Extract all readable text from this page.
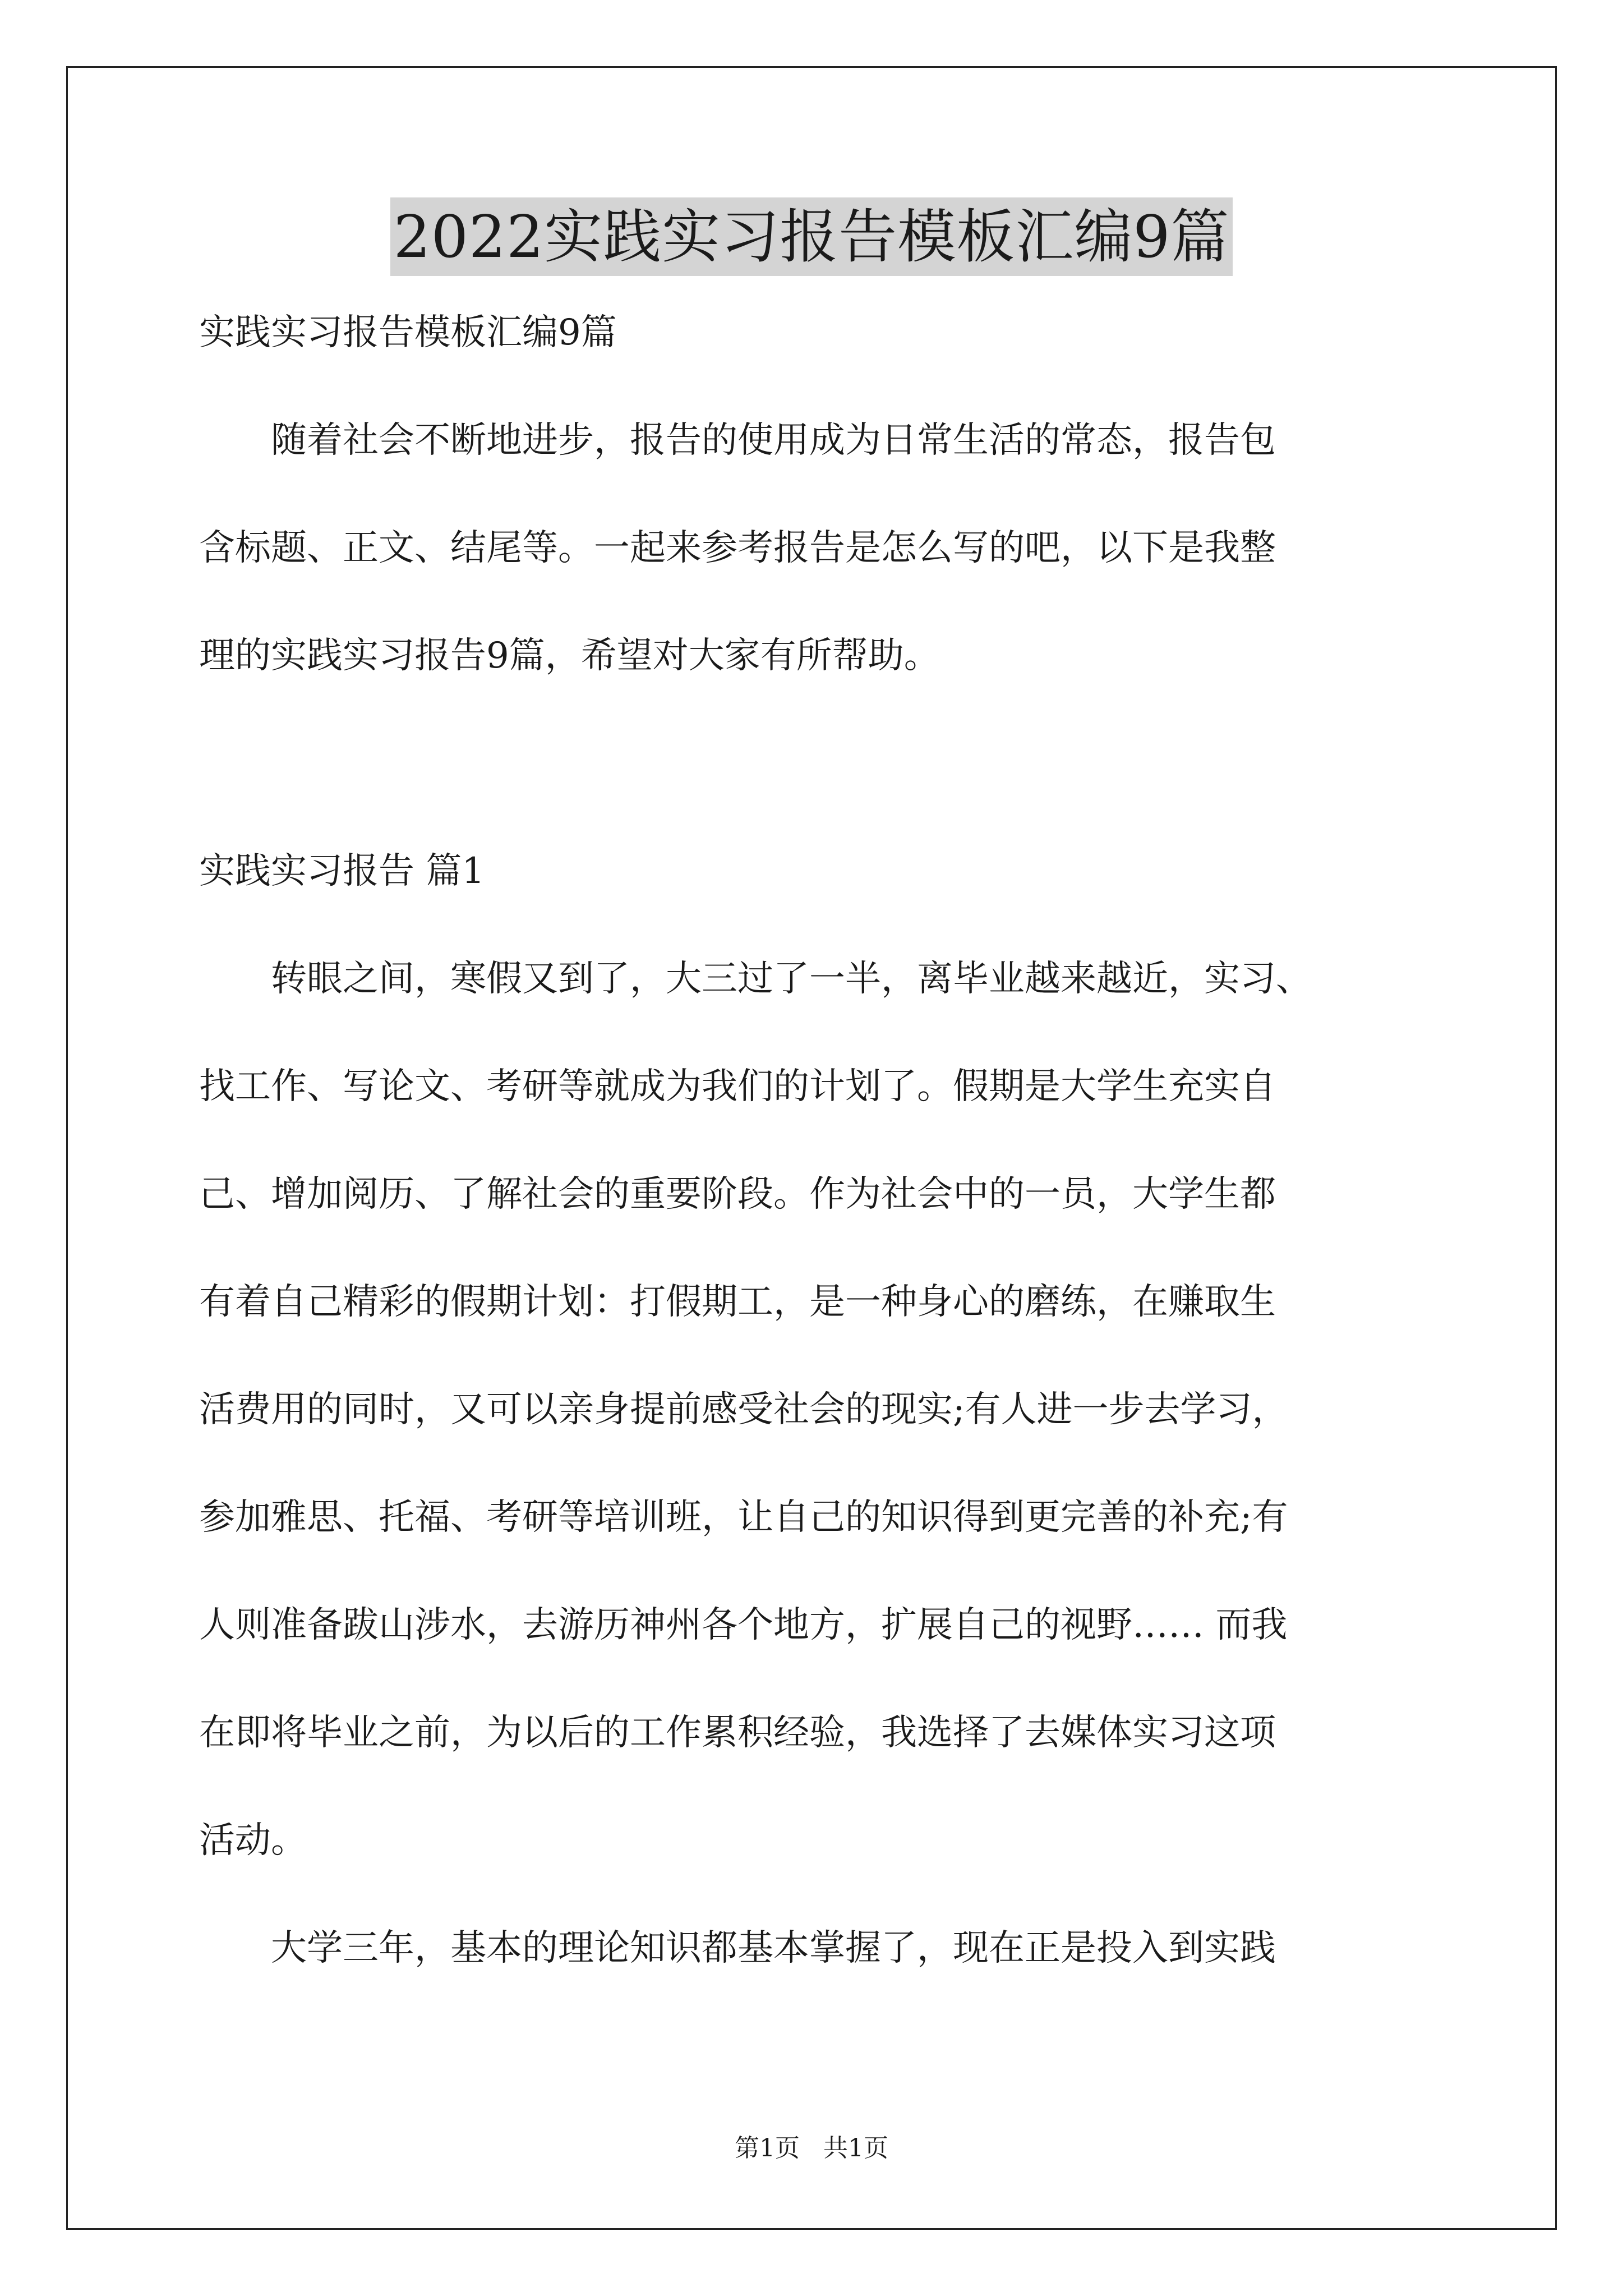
2022实践实习报告模板汇编9篇

实践实习报告模板汇编9篇

随着社会不断地进步，报告的使用成为日常生活的常态，报告包

含标题、正文、结尾等。一起来参考报告是怎么写的吧，以下是我整

理的实践实习报告9篇，希望对大家有所帮助。

实践实习报告 篇1

转眼之间，寒假又到了，大三过了一半，离毕业越来越近，实习、

找工作、写论文、考研等就成为我们的计划了。假期是大学生充实自

己、增加阅历、了解社会的重要阶段。作为社会中的一员，大学生都

有着自己精彩的假期计划：打假期工，是一种身心的磨练，在赚取生

活费用的同时，又可以亲身提前感受社会的现实;有人进一步去学习，

参加雅思、托福、考研等培训班，让自己的知识得到更完善的补充;有

人则准备跋山涉水，去游历神州各个地方，扩展自己的视野…… 而我

在即将毕业之前，为以后的工作累积经验，我选择了去媒体实习这项

活动。

大学三年，基本的理论知识都基本掌握了，现在正是投入到实践

第1页   共1页
